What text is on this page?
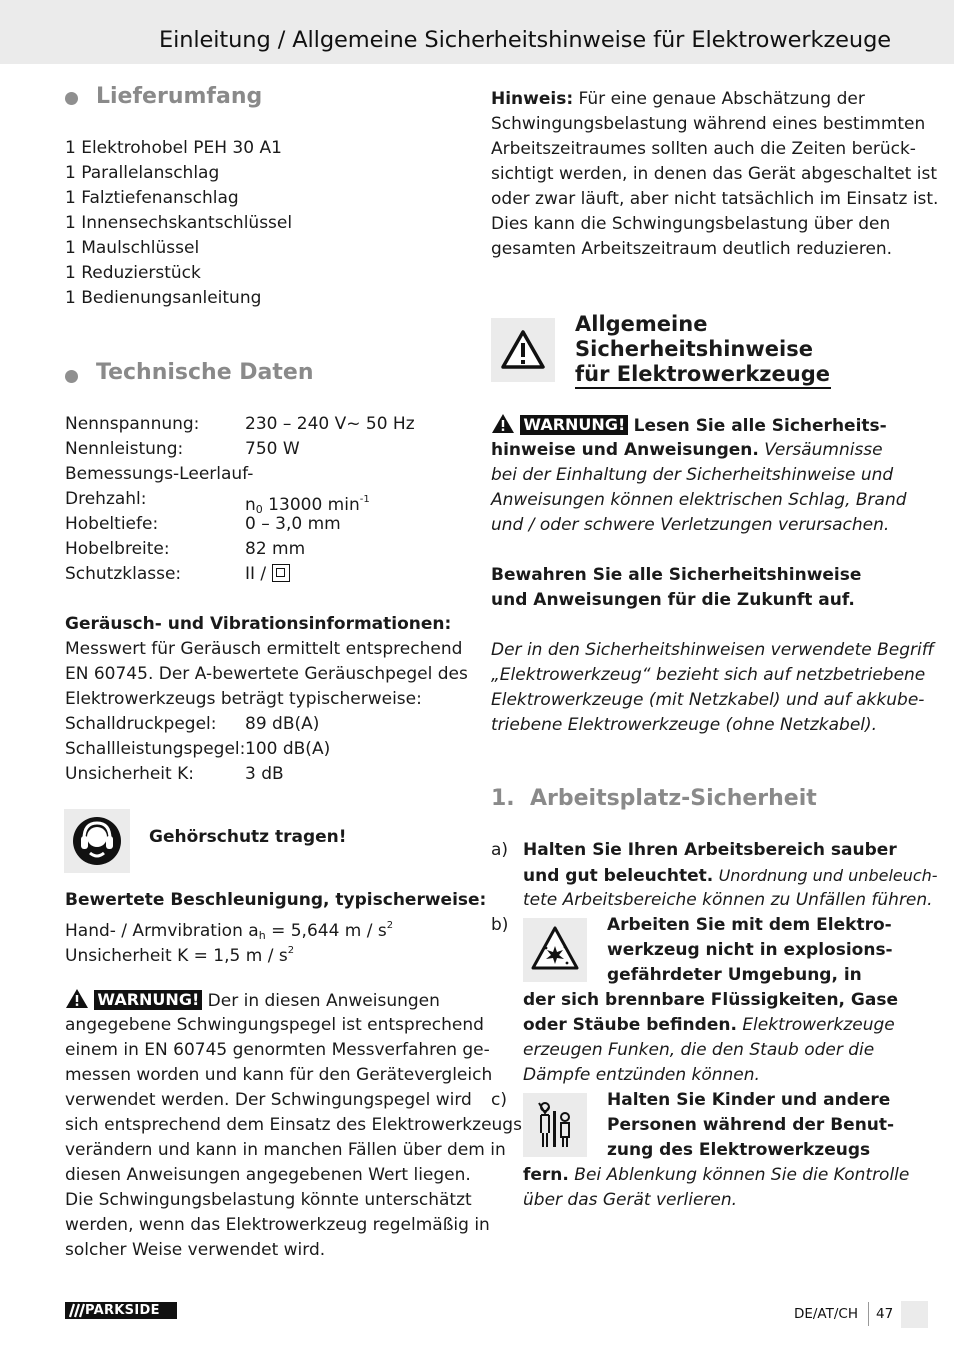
Einleitung / Allgemeine Sicherheitshinweise für Elektrowerkzeuge
Lieferumfang
1 Elektrohobel PEH 30 A1
1 Parallelanschlag
1 Falztiefenanschlag
1 Innensechskantschlüssel
1 Maulschlüssel
1 Reduzierstück
1 Bedienungsanleitung
Technische Daten
Nennspannung:	230 – 240 V~ 50 Hz
Nennleistung:	750 W
Bemessungs-Leerlauf-
Drehzahl:	$n_0$ 13000 $\min^{-1}$
Hobeltiefe:	0 – 3,0 mm
Hobelbreite:	82 mm
Schutzklasse:	II /
Geräusch- und Vibrationsinformationen:
Messwert für Geräusch ermittelt entsprechend
EN 60745. Der A-bewertete Geräuschpegel des
Elektrowerkzeugs beträgt typischerweise:
Schalldruckpegel: 89 dB(A)
Schallleistungspegel: 100 dB(A)
Unsicherheit K:	3 dB
Gehörschutz tragen!
Bewertete Beschleunigung, typischerweise:
Hand- / Armvibration $a_h = 5,644$ m / $s^2$
Unsicherheit K = 1,5 m / $s^2$
WARNUNG! Der in diesen Anweisungen
angegebene Schwingungspegel ist entsprechend
einem in EN 60745 genormten Messverfahren ge-
messen worden und kann für den Gerätevergleich
verwendet werden. Der Schwingungspegel wird
sich entsprechend dem Einsatz des Elektrowerkzeugs
verändern und kann in manchen Fällen über dem in
diesen Anweisungen angegebenen Wert liegen.
Die Schwingungsbelastung könnte unterschätzt
werden, wenn das Elektrowerkzeug regelmäßig in
solcher Weise verwendet wird.
Hinweis: Für eine genaue Abschätzung der
Schwingungsbelastung während eines bestimmten
Arbeitszeitraumes sollten auch die Zeiten berück-
sichtigt werden, in denen das Gerät abgeschaltet ist
oder zwar läuft, aber nicht tatsächlich im Einsatz ist.
Dies kann die Schwingungsbelastung über den
gesamten Arbeitszeitraum deutlich reduzieren.
Allgemeine
Sicherheitshinweise
für Elektrowerkzeuge
WARNUNG! Lesen Sie alle Sicherheits-
hinweise und Anweisungen. Versäumnisse
bei der Einhaltung der Sicherheitshinweise und
Anweisungen können elektrischen Schlag, Brand
und / oder schwere Verletzungen verursachen.
Bewahren Sie alle Sicherheitshinweise
und Anweisungen für die Zukunft auf.
Der in den Sicherheitshinweisen verwendete Begriff
„Elektrowerkzeug“ bezieht sich auf netzbetriebene
Elektrowerkzeuge (mit Netzkabel) und auf akkube-
triebene Elektrowerkzeuge (ohne Netzkabel).
1.  Arbeitsplatz-Sicherheit
a) Halten Sie Ihren Arbeitsbereich sauber
und gut beleuchtet. Unordnung und unbeleuch-
tete Arbeitsbereiche können zu Unfällen führen.
b)	Arbeiten Sie mit dem Elektro-
werkzeug nicht in explosions-
gefährdeter Umgebung, in
der sich brennbare Flüssigkeiten, Gase
oder Stäube befinden. Elektrowerkzeuge
erzeugen Funken, die den Staub oder die
Dämpfe entzünden können.
c)	Halten Sie Kinder und andere
Personen während der Benut-
zung des Elektrowerkzeugs
fern. Bei Ablenkung können Sie die Kontrolle
über das Gerät verlieren.
PARKSIDE	DE/AT/CH 47
